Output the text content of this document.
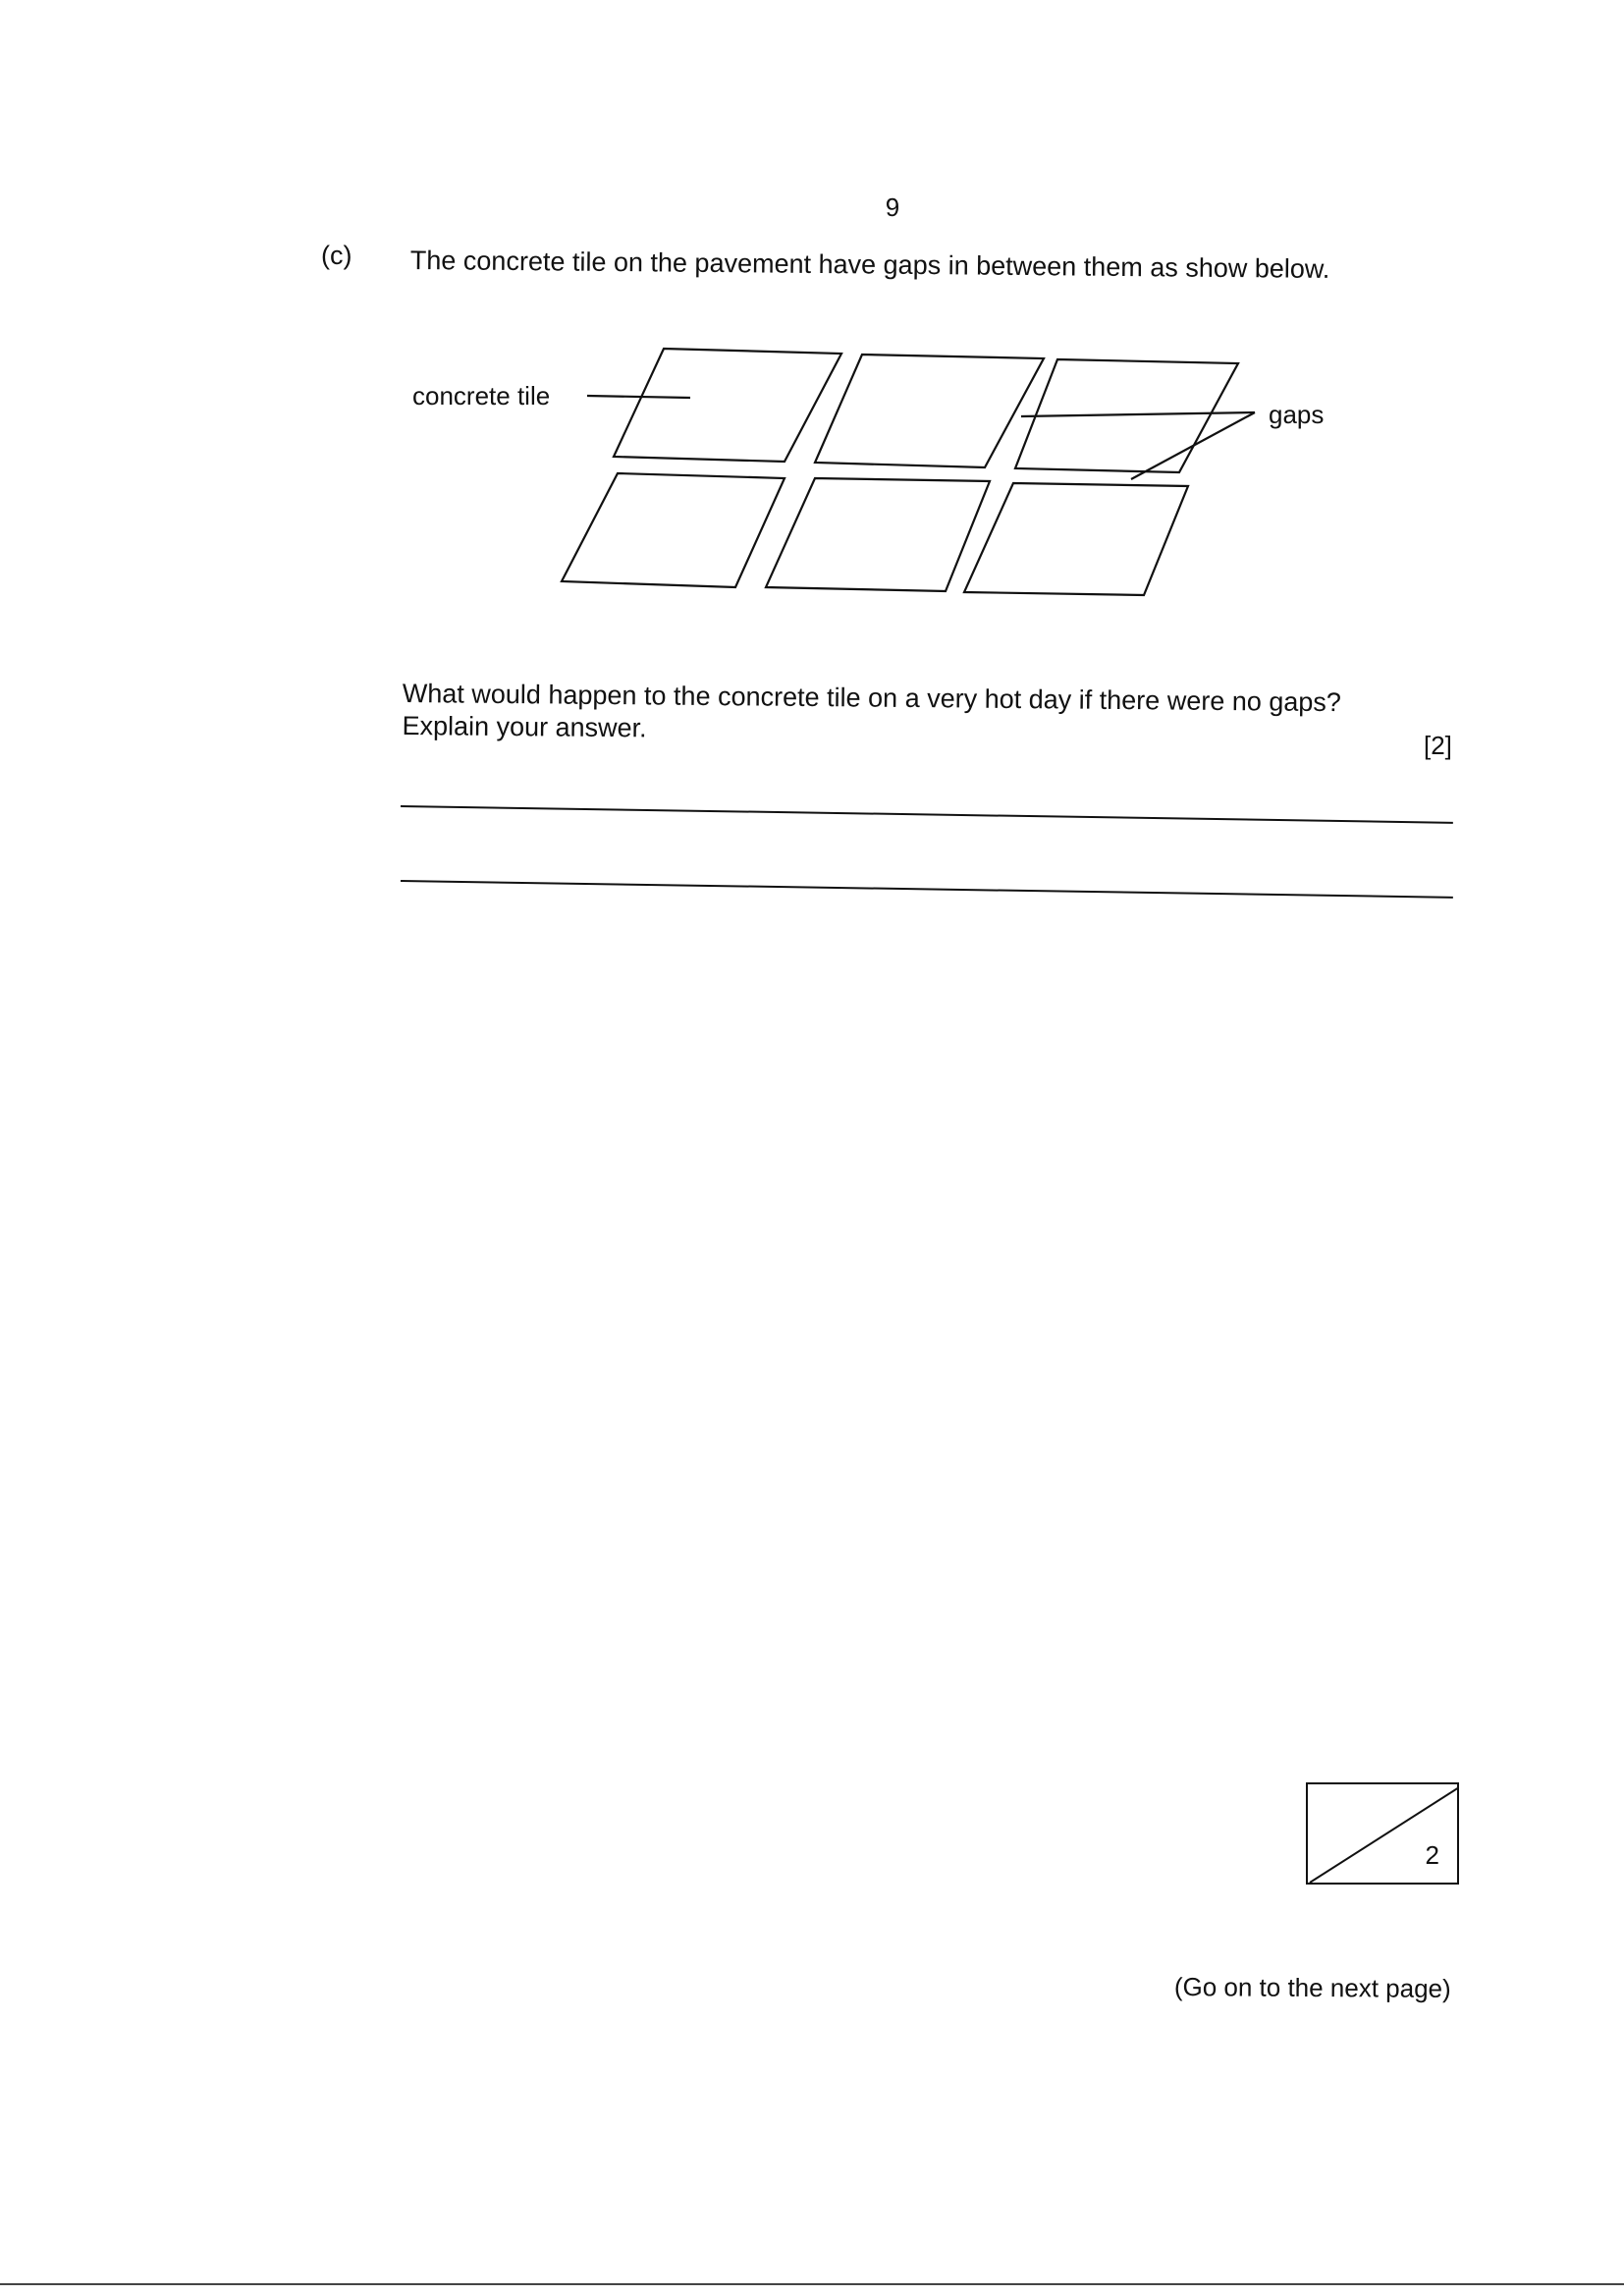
9
(c) The concrete tile on the pavement have gaps in between them as show below.
concrete tile
gaps
What would happen to the concrete tile on a very hot day if there were no gaps?
Explain your answer.
[2]
2
(Go on to the next page)
